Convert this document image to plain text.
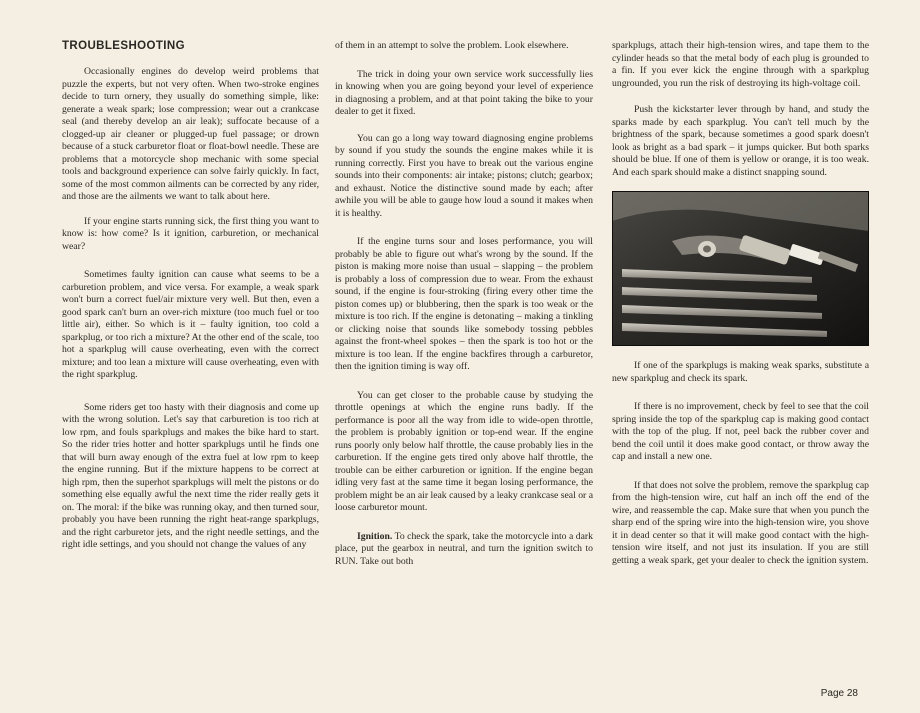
TROUBLESHOOTING

Occasionally engines do develop weird problems that puzzle the experts, but not very often. When two-stroke engines decide to turn ornery, they usually do something simple, like: generate a weak spark; lose compression; wear out a crankcase seal (and thereby develop an air leak); suffocate because of a clogged-up air cleaner or plugged-up fuel passage; or drown because of a stuck carburetor float or float-bowl needle. These are problems that a motorcycle shop mechanic with some special tools and background experience can solve fairly quickly. In fact, some of the most common ailments can be corrected by any rider, and those are the ailments we want to talk about here.

If your engine starts running sick, the first thing you want to know is: how come? Is it ignition, carburetion, or mechanical wear?

Sometimes faulty ignition can cause what seems to be a carburetion problem, and vice versa. For example, a weak spark won't burn a correct fuel/air mixture very well. But then, even a good spark can't burn an over-rich mixture (too much fuel or too little air), either. So which is it – faulty ignition, too cold a sparkplug, or too rich a mixture? At the other end of the scale, too hot a sparkplug will cause overheating, even with the correct mixture; and too lean a mixture will cause overheating, even with the right sparkplug.

Some riders get too hasty with their diagnosis and come up with the wrong solution. Let's say that carburetion is too rich at low rpm, and fouls sparkplugs and makes the bike hard to start. So the rider tries hotter and hotter sparkplugs until he finds one that will burn away enough of the extra fuel at low rpm to keep the engine running. But if the mixture happens to be correct at high rpm, then the superhot sparkplugs will melt the pistons or do something else equally awful the next time the rider really gets it on. The moral: if the bike was running okay, and then turned sour, probably you have been running the right heat-range sparkplugs, and the right carburetor jets, and the right needle settings, and the right idle settings, and you should not change the values of any

of them in an attempt to solve the problem. Look elsewhere.

The trick in doing your own service work successfully lies in knowing when you are going beyond your level of experience in diagnosing a problem, and at that point taking the bike to your dealer to get it fixed.

You can go a long way toward diagnosing engine problems by sound if you study the sounds the engine makes while it is running correctly. First you have to break out the various engine sounds into their components: air intake; pistons; clutch; gearbox; and exhaust. Notice the distinctive sound made by each; after awhile you will be able to gauge how loud a sound it makes when it is healthy.

If the engine turns sour and loses performance, you will probably be able to figure out what's wrong by the sound. If the piston is making more noise than usual – slapping – the problem is probably a loss of compression due to wear. From the exhaust sound, if the engine is four-stroking (firing every other time the piston comes up) or blubbering, then the spark is too weak or the mixture is too rich. If the engine is detonating – making a tinkling or clicking noise that sounds like somebody tossing pebbles against the front-wheel spokes – then the spark is too hot or the mixture is too lean. If the engine backfires through a carburetor, then the ignition timing is way off.

You can get closer to the probable cause by studying the throttle openings at which the engine runs badly. If the performance is poor all the way from idle to wide-open throttle, the problem is probably ignition or top-end wear. If the engine runs poorly only below half throttle, the cause probably lies in the carburetion. If the engine gets tired only above half throttle, the trouble can be either carburetion or ignition. If the engine began idling very fast at the same time it began losing performance, the problem might be an air leak caused by a leaky crankcase seal or a loose carburetor mount.

Ignition. To check the spark, take the motorcycle into a dark place, put the gearbox in neutral, and turn the ignition switch to RUN. Take out both

sparkplugs, attach their high-tension wires, and tape them to the cylinder heads so that the metal body of each plug is grounded to a fin. If you ever kick the engine through with a sparkplug ungrounded, you run the risk of destroying its high-voltage coil.

Push the kickstarter lever through by hand, and study the sparks made by each sparkplug. You can't tell much by the brightness of the spark, because sometimes a good spark doesn't look as bright as a bad spark – it jumps quicker. But both sparks should be blue. If one of them is yellow or orange, it is too weak. And each spark should make a distinct snapping sound.

If one of the sparkplugs is making weak sparks, substitute a new sparkplug and check its spark.

If there is no improvement, check by feel to see that the coil spring inside the top of the sparkplug cap is making good contact with the top of the plug. If not, peel back the rubber cover and bend the coil until it does make good contact, or throw away the cap and install a new one.

If that does not solve the problem, remove the sparkplug cap from the high-tension wire, cut half an inch off the end of the wire, and reassemble the cap. Make sure that when you punch the sharp end of the spring wire into the high-tension wire, you shove it in dead center so that it will make good contact with the high-tension wire itself, and not just its insulation. If you are still getting a weak spark, get your dealer to check the ignition system.

Page 28
